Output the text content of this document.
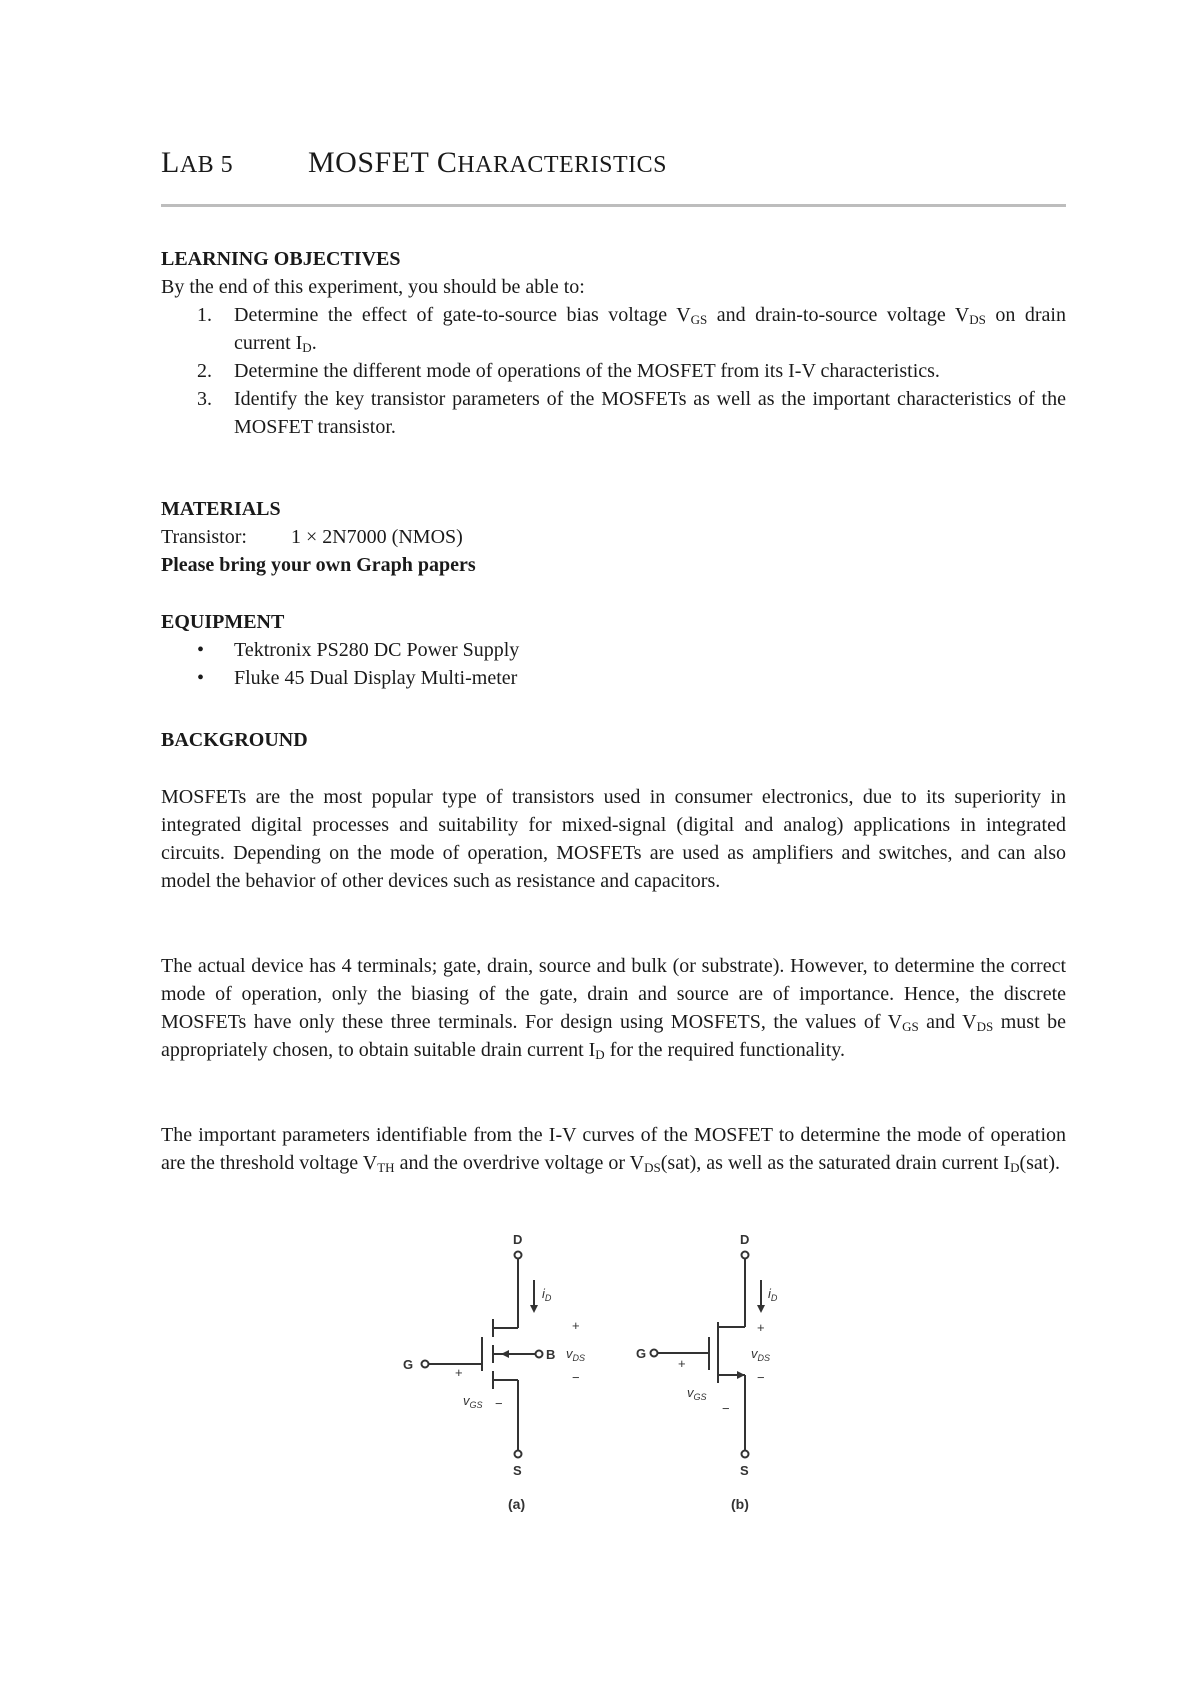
LAB 5 MOSFET CHARACTERISTICS
LEARNING OBJECTIVES
By the end of this experiment, you should be able to:
1. Determine the effect of gate-to-source bias voltage $V_{GS}$ and drain-to-source voltage $V_{DS}$ on drain current $I_D$.
2. Determine the different mode of operations of the MOSFET from its I-V characteristics.
3. Identify the key transistor parameters of the MOSFETs as well as the important characteristics of the MOSFET transistor.
MATERIALS
Transistor: 1 × 2N7000 (NMOS)
Please bring your own Graph papers
EQUIPMENT
• Tektronix PS280 DC Power Supply
• Fluke 45 Dual Display Multi-meter
BACKGROUND
MOSFETs are the most popular type of transistors used in consumer electronics, due to its superiority in integrated digital processes and suitability for mixed-signal (digital and analog) applications in integrated circuits. Depending on the mode of operation, MOSFETs are used as amplifiers and switches, and can also model the behavior of other devices such as resistance and capacitors.
The actual device has 4 terminals; gate, drain, source and bulk (or substrate). However, to determine the correct mode of operation, only the biasing of the gate, drain and source are of importance. Hence, the discrete MOSFETs have only these three terminals. For design using MOSFETS, the values of $V_{GS}$ and $V_{DS}$ must be appropriately chosen, to obtain suitable drain current $I_D$ for the required functionality.
The important parameters identifiable from the I-V curves of the MOSFET to determine the mode of operation are the threshold voltage $V_{TH}$ and the overdrive voltage or $V_{DS}(sat)$, as well as the saturated drain current $I_D(sat)$.
D
G
S
B
$i_D$
+
$v_{DS}$
−
+
$v_{GS}$ −
(a)
D
G
S
$i_D$
+
$v_{DS}$
−
+
$v_{GS}$
−
(b)
